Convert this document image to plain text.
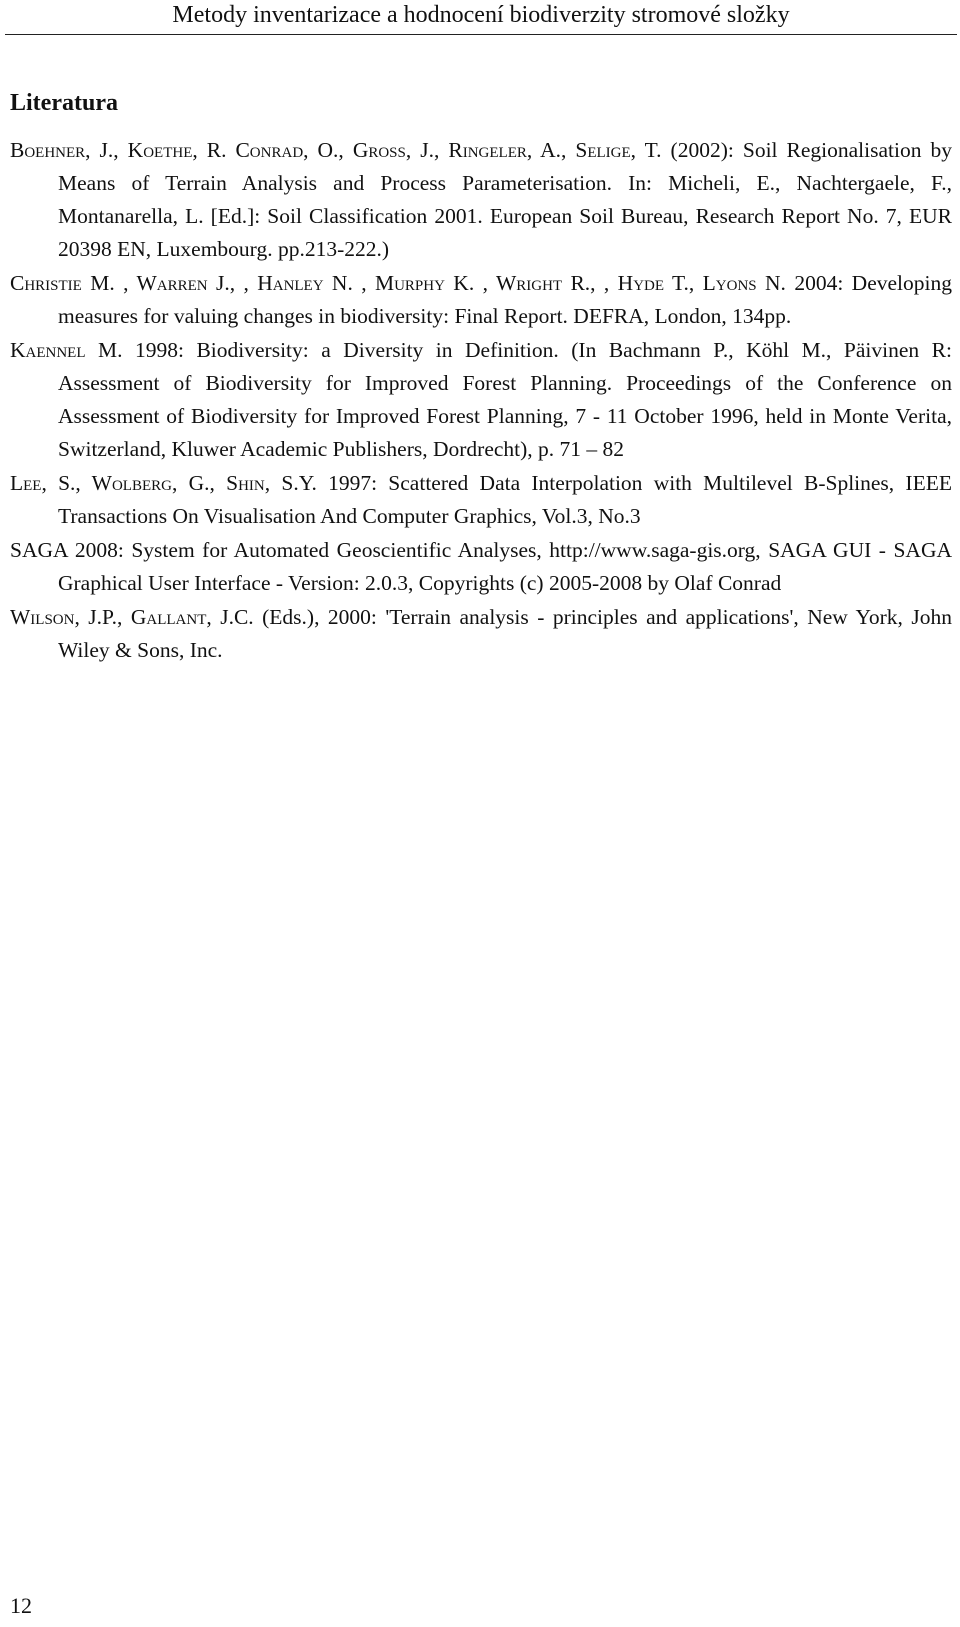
Metody inventarizace a hodnocení biodiverzity stromové složky
Literatura
Boehner, J., Koethe, R. Conrad, O., Gross, J., Ringeler, A., Selige, T. (2002): Soil Regionalisation by Means of Terrain Analysis and Process Parameterisation. In: Micheli, E., Nachtergaele, F., Montanarella, L. [Ed.]: Soil Classification 2001. European Soil Bureau, Research Report No. 7, EUR 20398 EN, Luxembourg. pp.213-222.)
Christie M. , Warren J., , Hanley N. , Murphy K. , Wright R., , Hyde T., Lyons N. 2004: Developing measures for valuing changes in biodiversity: Final Report. DEFRA, London, 134pp.
Kaennel M. 1998: Biodiversity: a Diversity in Definition. (In Bachmann P., Köhl M., Päivinen R: Assessment of Biodiversity for Improved Forest Planning. Proceedings of the Conference on Assessment of Biodiversity for Improved Forest Planning, 7 - 11 October 1996, held in Monte Verita, Switzerland, Kluwer Academic Publishers, Dordrecht), p. 71 – 82
Lee, S., Wolberg, G., Shin, S.Y. 1997: Scattered Data Interpolation with Multilevel B-Splines, IEEE Transactions On Visualisation And Computer Graphics, Vol.3, No.3
SAGA 2008: System for Automated Geoscientific Analyses, http://www.saga-gis.org, SAGA GUI - SAGA Graphical User Interface - Version: 2.0.3, Copyrights (c) 2005-2008 by Olaf Conrad
Wilson, J.P., Gallant, J.C. (Eds.), 2000: 'Terrain analysis - principles and applications', New York, John Wiley & Sons, Inc.
12
